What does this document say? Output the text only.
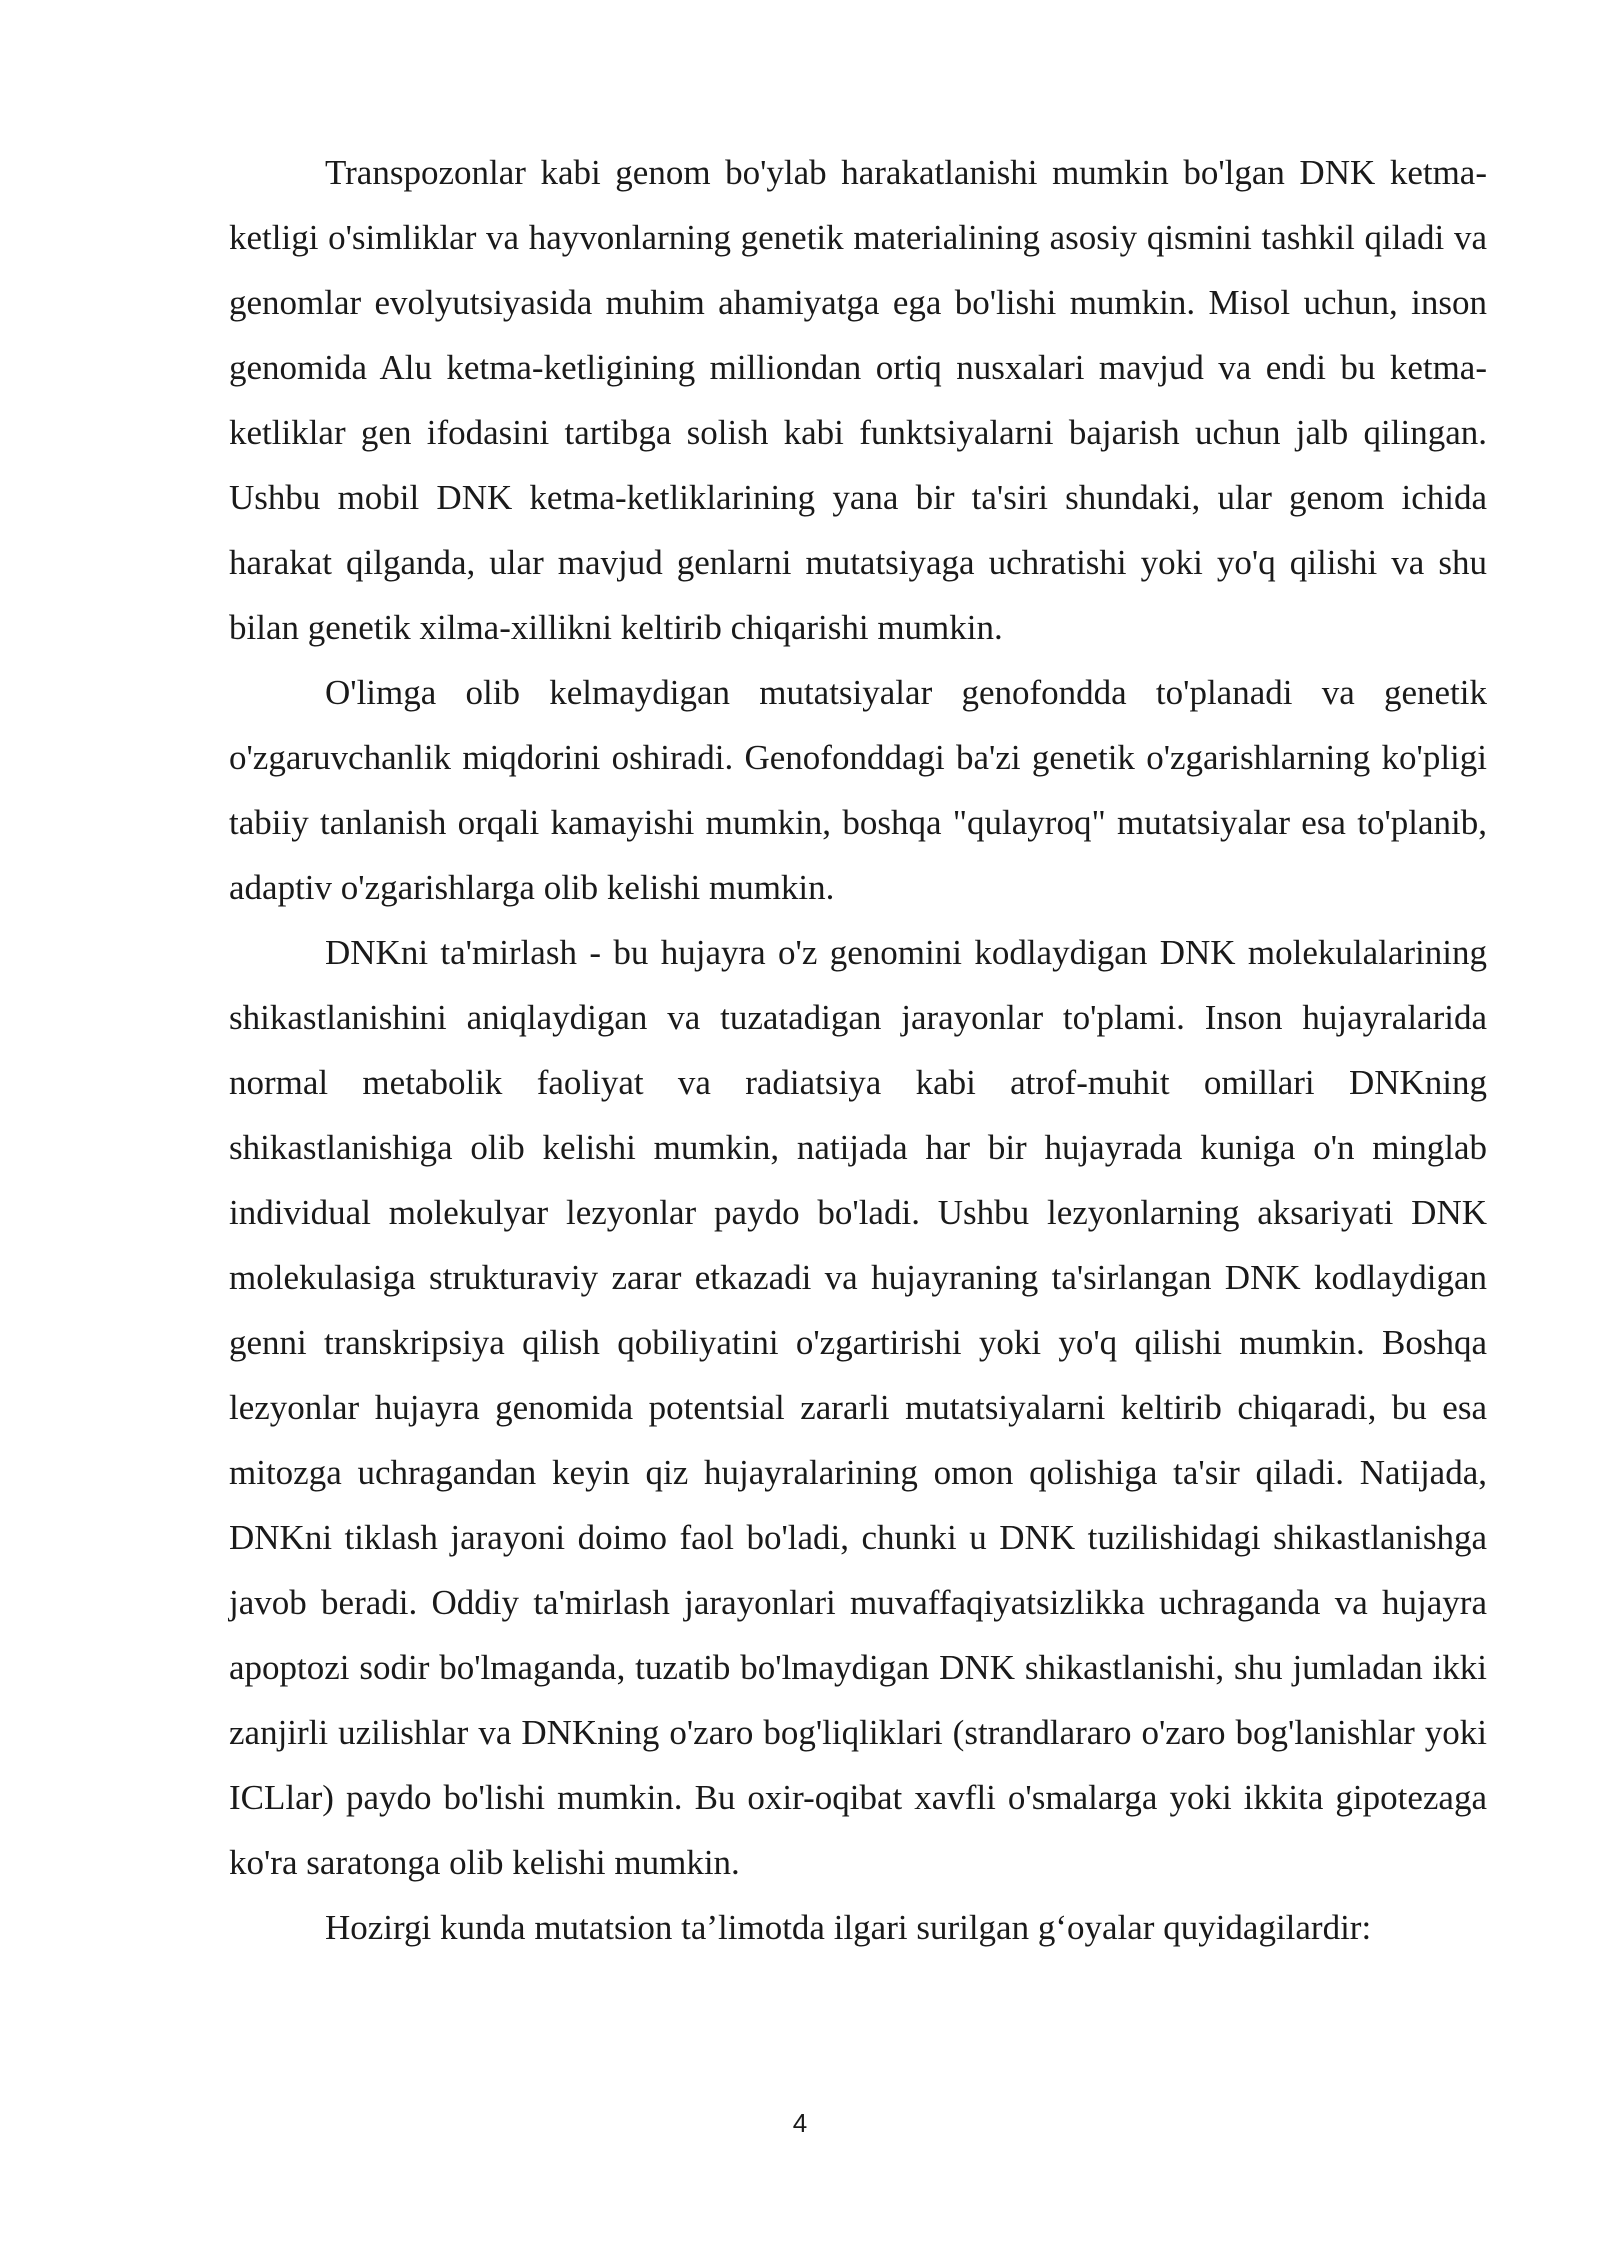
Transpozonlar kabi genom bo'ylab harakatlanishi mumkin bo'lgan DNK ketma-ketligi o'simliklar va hayvonlarning genetik materialining asosiy qismini tashkil qiladi va genomlar evolyutsiyasida muhim ahamiyatga ega bo'lishi mumkin. Misol uchun, inson genomida Alu ketma-ketligining milliondan ortiq nusxalari mavjud va endi bu ketma-ketliklar gen ifodasini tartibga solish kabi funktsiyalarni bajarish uchun jalb qilingan. Ushbu mobil DNK ketma-ketliklarining yana bir ta'siri shundaki, ular genom ichida harakat qilganda, ular mavjud genlarni mutatsiyaga uchratishi yoki yo'q qilishi va shu bilan genetik xilma-xillikni keltirib chiqarishi mumkin.

O'limga olib kelmaydigan mutatsiyalar genofondda to'planadi va genetik o'zgaruvchanlik miqdorini oshiradi. Genofonddagi ba'zi genetik o'zgarishlarning ko'pligi tabiiy tanlanish orqali kamayishi mumkin, boshqa "qulayroq" mutatsiyalar esa to'planib, adaptiv o'zgarishlarga olib kelishi mumkin.

DNKni ta'mirlash - bu hujayra o'z genomini kodlaydigan DNK molekulalarining shikastlanishini aniqlaydigan va tuzatadigan jarayonlar to'plami. Inson hujayralarida normal metabolik faoliyat va radiatsiya kabi atrof-muhit omillari DNKning shikastlanishiga olib kelishi mumkin, natijada har bir hujayrada kuniga o'n minglab individual molekulyar lezyonlar paydo bo'ladi. Ushbu lezyonlarning aksariyati DNK molekulasiga strukturaviy zarar etkazadi va hujayraning ta'sirlangan DNK kodlaydigan genni transkripsiya qilish qobiliyatini o'zgartirishi yoki yo'q qilishi mumkin. Boshqa lezyonlar hujayra genomida potentsial zararli mutatsiyalarni keltirib chiqaradi, bu esa mitozga uchragandan keyin qiz hujayralarining omon qolishiga ta'sir qiladi. Natijada, DNKni tiklash jarayoni doimo faol bo'ladi, chunki u DNK tuzilishidagi shikastlanishga javob beradi. Oddiy ta'mirlash jarayonlari muvaffaqiyatsizlikka uchraganda va hujayra apoptozi sodir bo'lmaganda, tuzatib bo'lmaydigan DNK shikastlanishi, shu jumladan ikki zanjirli uzilishlar va DNKning o'zaro bog'liqliklari (strandlararo o'zaro bog'lanishlar yoki ICLlar) paydo bo'lishi mumkin. Bu oxir-oqibat xavfli o'smalarga yoki ikkita gipotezaga ko'ra saratonga olib kelishi mumkin.

Hozirgi kunda mutatsion ta’limotda ilgari surilgan g‘oyalar quyidagilardir:

4
